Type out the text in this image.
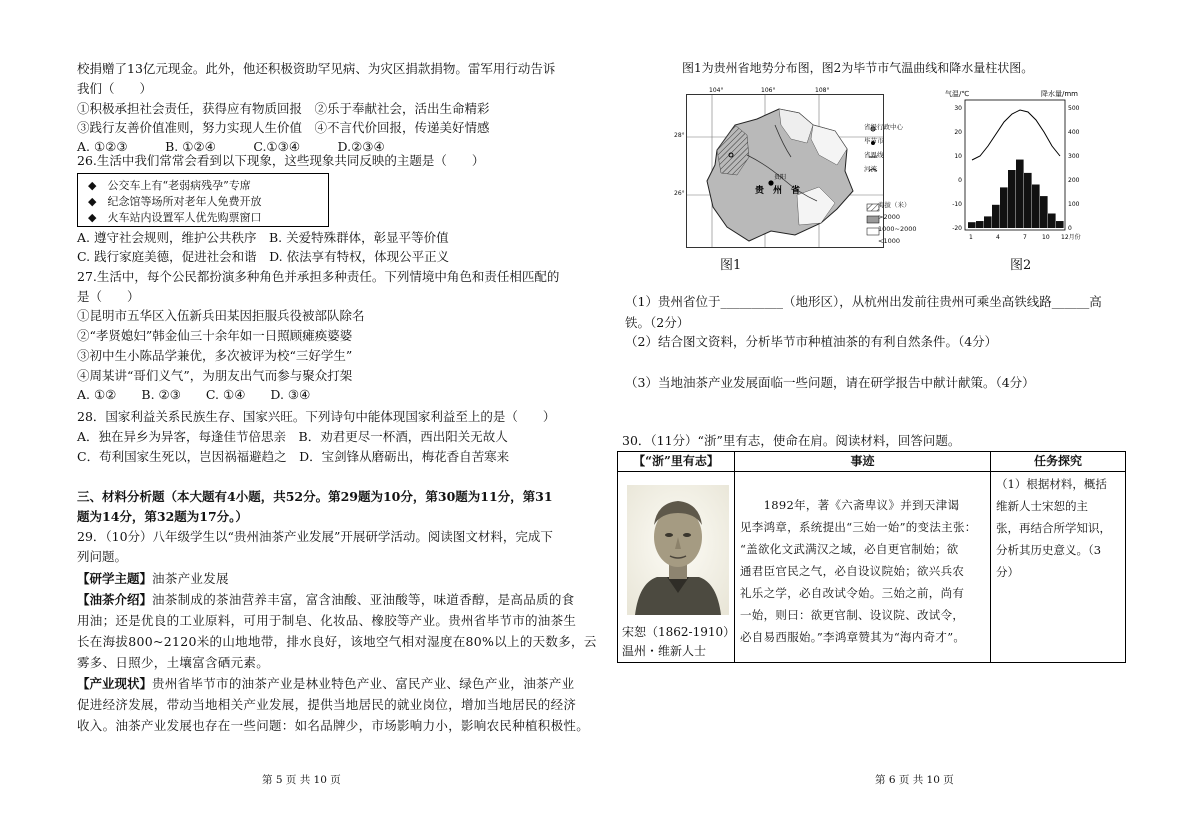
校捐赠了13亿元现金。此外，他还积极资助罕见病、为灾区捐款捐物。雷军用行动告诉
我们（　　）
①积极承担社会责任，获得应有物质回报　②乐于奉献社会，活出生命精彩
③践行友善价值准则，努力实现人生价值　④不言代价回报，传递美好情感
A. ①②③　　　B. ①②④　　　C.①③④　　　D.②③④
26.生活中我们常常会看到以下现象，这些现象共同反映的主题是（　　）
◆　公交车上有“老弱病残孕”专席
◆　纪念馆等场所对老年人免费开放
◆　火车站内设置军人优先购票窗口
A. 遵守社会规则，维护公共秩序　B. 关爱特殊群体，彰显平等价值
C. 践行家庭美德，促进社会和谐　D. 依法享有特权，体现公平正义
27.生活中，每个公民都扮演多种角色并承担多种责任。下列情境中角色和责任相匹配的
是（　　）
①昆明市五华区入伍新兵田某因拒服兵役被部队除名
②“孝贤媳妇”韩金仙三十余年如一日照顾瘫痪婆婆
③初中生小陈品学兼优，多次被评为校“三好学生”
④周某讲“哥们义气”，为朋友出气而参与聚众打架
A. ①②　　B. ②③　　C. ①④　　D. ③④
28．国家利益关系民族生存、国家兴旺。下列诗句中能体现国家利益至上的是（　　）
A．独在异乡为异客，每逢佳节倍思亲　B．劝君更尽一杯酒，西出阳关无故人
C．苟利国家生死以，岂因祸福避趋之　D．宝剑锋从磨砺出，梅花香自苦寒来
三、材料分析题（本大题有4小题，共52分。第29题为10分，第30题为11分，第31
题为14分，第32题为17分。）
29．（10分）八年级学生以“贵州油茶产业发展”开展研学活动。阅读图文材料，完成下
列问题。
【研学主题】油茶产业发展
【油茶介绍】油茶制成的茶油营养丰富，富含油酸、亚油酸等，味道香醇，是高品质的食
用油；还是优良的工业原料，可用于制皂、化妆品、橡胶等产业。贵州省毕节市的油茶生
长在海拔800~2120米的山地地带，排水良好，该地空气相对湿度在80%以上的天数多，云
雾多、日照少，土壤富含硒元素。
【产业现状】贵州省毕节市的油茶产业是林业特色产业、富民产业、绿色产业，油茶产业
促进经济发展，带动当地相关产业发展，提供当地居民的就业岗位，增加当地居民的经济
收入。油茶产业发展也存在一些问题：如名品牌少，市场影响力小，影响农民种植积极性。
第 5 页 共 10 页
图1为贵州省地势分布图，图2为毕节市气温曲线和降水量柱状图。
104°	106°	108°
贵　州　省
贵阳
省级行政中心
毕节市
省界线
河流
海拔（米）
>2000
1000~2000
<1000
28°
26°
气温/℃	降水量/mm
30
20
10
0
-10
-20
500
400
300
200
100
0
1	4	7	10 12月份
图1	图2
（1）贵州省位于__________（地形区），从杭州出发前往贵州可乘坐高铁线路______高
铁。（2分）
（2）结合图文资料，分析毕节市种植油茶的有利自然条件。（4分）
（3）当地油茶产业发展面临一些问题，请在研学报告中献计献策。（4分）
30．（11分）“浙”里有志，使命在肩。阅读材料，回答问题。
【“浙”里有志】	事迹	任务探究
宋恕（1862-1910）
温州・维新人士
　　1892年，著《六斋卑议》并到天津谒
见李鸿章，系统提出“三始一始”的变法主张：
“盖欲化文武满汉之域，必自更官制始；欲
通君臣官民之气，必自设议院始；欲兴兵农
礼乐之学，必自改试令始。三始之前，尚有
一始，则曰：欲更官制、设议院、改试令，
必自易西服始。”李鸿章赞其为“海内奇才”。
（1）根据材料，概括
维新人士宋恕的主
张，再结合所学知识，
分析其历史意义。（3
分）
第 6 页 共 10 页
